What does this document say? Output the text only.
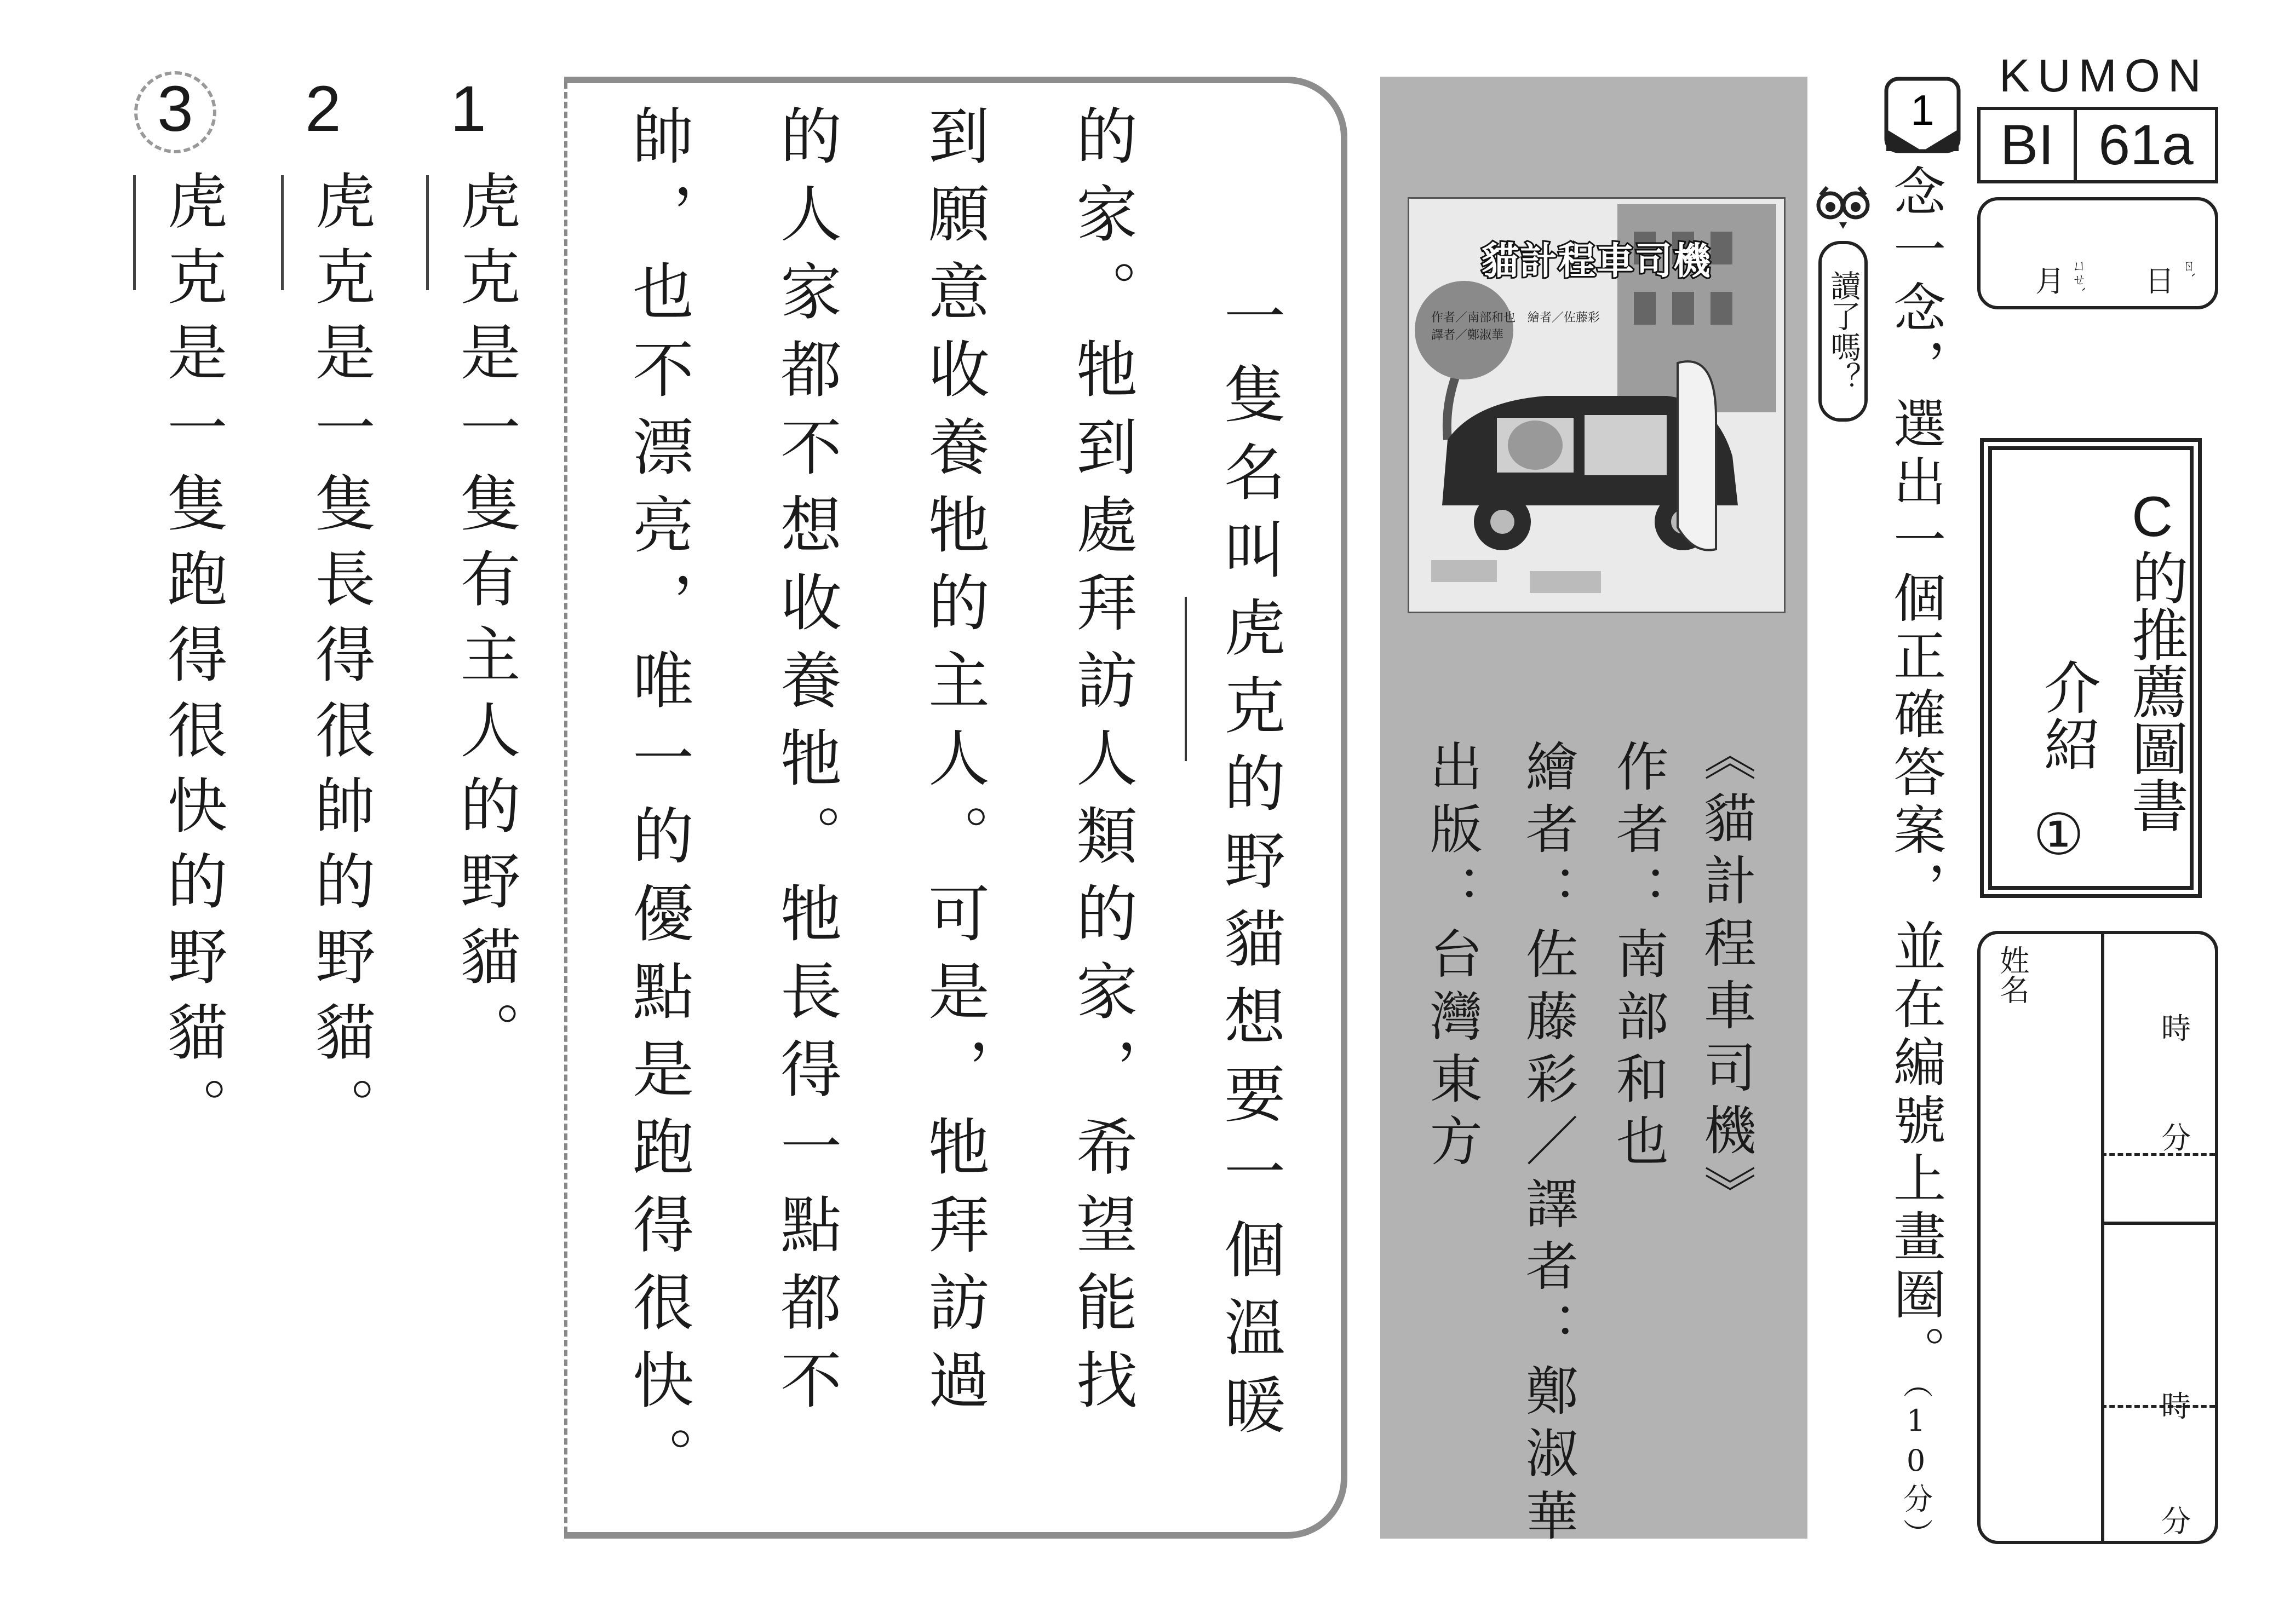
KUMON
BI 61a
月 ㄩㄝˋ 日 ㄖˋ
C
的推薦圖書
介紹
①
姓名
時
分
時
分
1
讀了嗎？ 念一念，選出一個正確答案，並在編號上畫圈。（10分）
貓計程車司機
作者／南部和也　繪者／佐藤彩
譯者／鄭淑華
《貓計程車司機》
作者：南部和也
繪者：佐藤彩／譯者：鄭淑華
出版：台灣東方
一隻名叫虎克的野貓想要一個溫暖
的家。牠到處拜訪人類的家，希望能找
到願意收養牠的主人。可是，牠拜訪過
的人家都不想收養牠。牠長得一點都不
帥，也不漂亮，唯一的優點是跑得很快。
1
虎克是一隻有主人的野貓。
2
虎克是一隻長得很帥的野貓。
3
虎克是一隻跑得很快的野貓。
